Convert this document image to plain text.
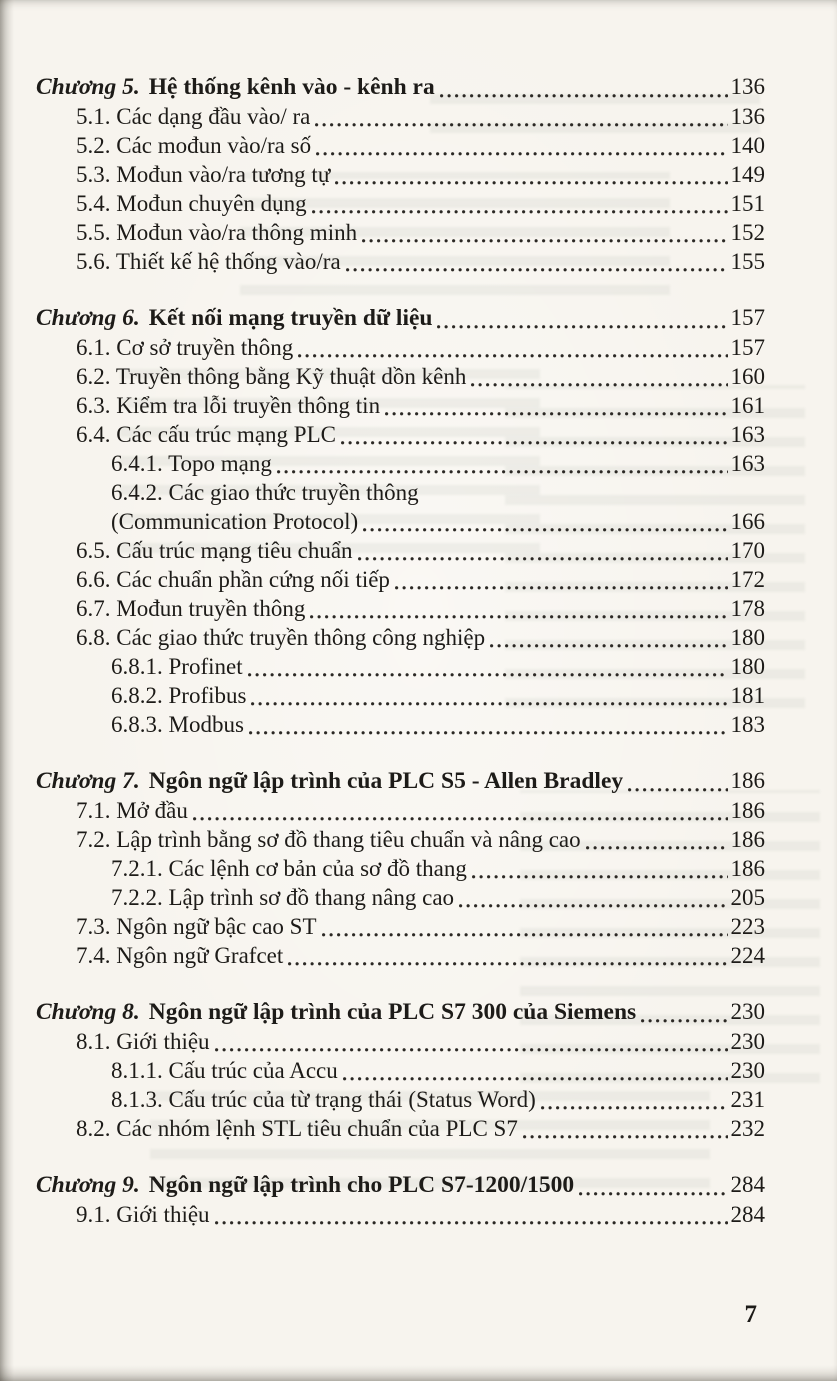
Chương 5. Hệ thống kênh vào - kênh ra	136
5.1. Các dạng đầu vào/ ra	136
5.2. Các mođun vào/ra số	140
5.3. Mođun vào/ra tương tự	149
5.4. Mođun chuyên dụng	151
5.5. Mođun vào/ra thông minh	152
5.6. Thiết kế hệ thống vào/ra	155
Chương 6. Kết nối mạng truyền dữ liệu	157
6.1. Cơ sở truyền thông	157
6.2. Truyền thông bằng Kỹ thuật dồn kênh	160
6.3. Kiểm tra lỗi truyền thông tin	161
6.4. Các cấu trúc mạng PLC	163
6.4.1. Topo mạng	163
6.4.2. Các giao thức truyền thông
(Communication Protocol)	166
6.5. Cấu trúc mạng tiêu chuẩn	170
6.6. Các chuẩn phần cứng nối tiếp	172
6.7. Mođun truyền thông	178
6.8. Các giao thức truyền thông công nghiệp	180
6.8.1. Profinet	180
6.8.2. Profibus	181
6.8.3. Modbus	183
Chương 7. Ngôn ngữ lập trình của PLC S5 - Allen Bradley	186
7.1. Mở đầu	186
7.2. Lập trình bằng sơ đồ thang tiêu chuẩn và nâng cao	186
7.2.1. Các lệnh cơ bản của sơ đồ thang	186
7.2.2. Lập trình sơ đồ thang nâng cao	205
7.3. Ngôn ngữ bậc cao ST	223
7.4. Ngôn ngữ Grafcet	224
Chương 8. Ngôn ngữ lập trình của PLC S7 300 của Siemens	230
8.1. Giới thiệu	230
8.1.1. Cấu trúc của Accu	230
8.1.3. Cấu trúc của từ trạng thái (Status Word)	231
8.2. Các nhóm lệnh STL tiêu chuẩn của PLC S7	232
Chương 9. Ngôn ngữ lập trình cho PLC S7-1200/1500	284
9.1. Giới thiệu	284
7
